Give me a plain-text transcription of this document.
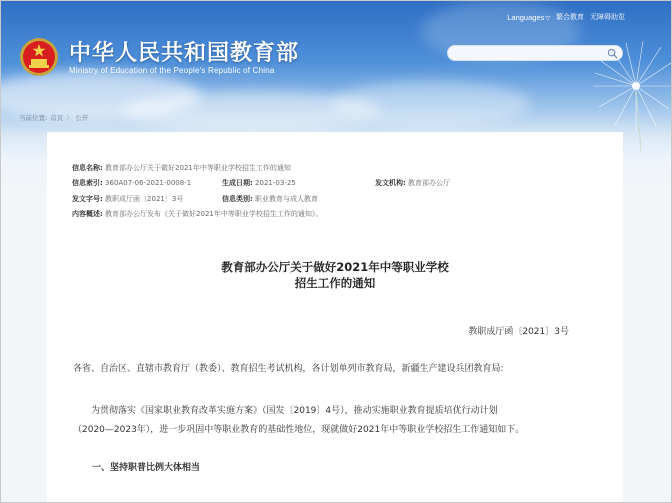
Languages▽ 繁合教育 无障碍助览
中华人民共和国教育部
Ministry of Education of the People's Republic of China
当前位置: 首页 〉 公开
信息名称: 教育部办公厅关于做好2021年中等职业学校招生工作的通知
信息索引: 360A07-06-2021-0008-1	生成日期: 2021-03-25	发文机构: 教育部办公厅
发文字号: 教职成厅函〔2021〕3号	信息类别: 职业教育与成人教育
内容概述: 教育部办公厅发布《关于做好2021年中等职业学校招生工作的通知》。
教育部办公厅关于做好2021年中等职业学校
招生工作的通知
教职成厅函〔2021〕3号
各省、自治区、直辖市教育厅（教委）、教育招生考试机构，各计划单列市教育局，新疆生产建设兵团教育局:
为贯彻落实《国家职业教育改革实施方案》（国发〔2019〕4号），推动实施职业教育提质培优行动计划
（2020—2023年），进一步巩固中等职业教育的基础性地位，现就做好2021年中等职业学校招生工作通知如下。
一、坚持职普比例大体相当
